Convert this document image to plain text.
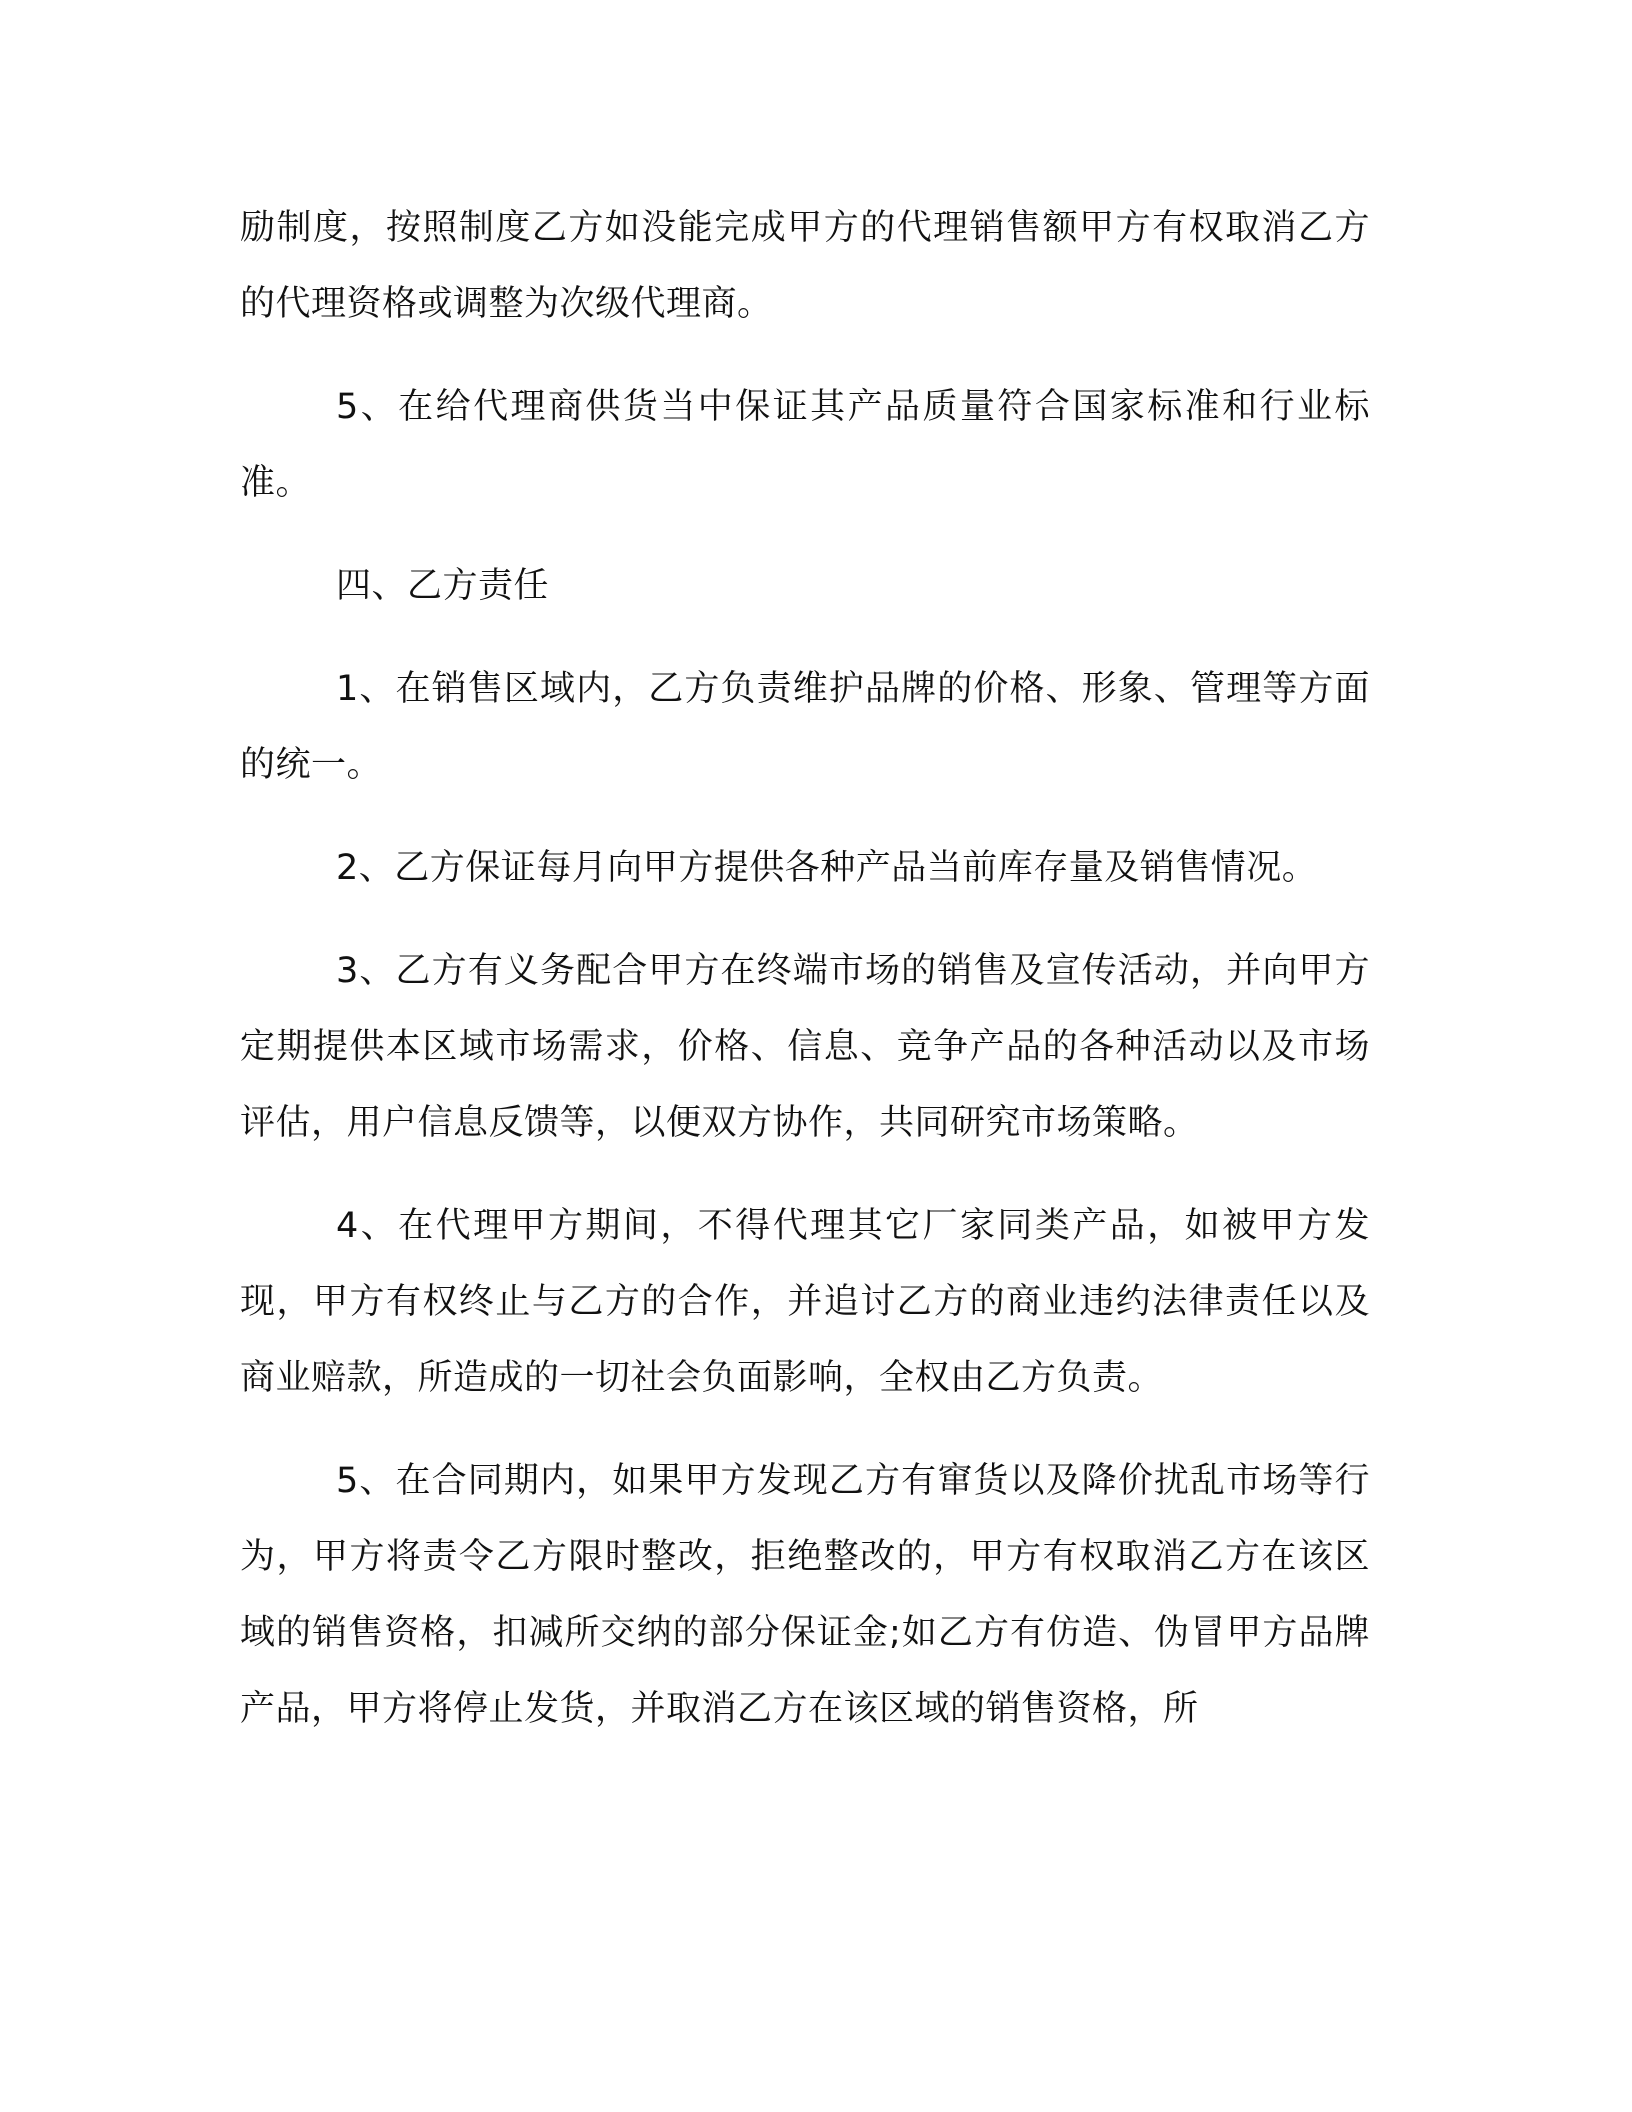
励制度，按照制度乙方如没能完成甲方的代理销售额甲方有权取消乙方的代理资格或调整为次级代理商。

5、在给代理商供货当中保证其产品质量符合国家标准和行业标准。

四、乙方责任

1、在销售区域内，乙方负责维护品牌的价格、形象、管理等方面的统一。

2、乙方保证每月向甲方提供各种产品当前库存量及销售情况。

3、乙方有义务配合甲方在终端市场的销售及宣传活动，并向甲方定期提供本区域市场需求，价格、信息、竞争产品的各种活动以及市场评估，用户信息反馈等，以便双方协作，共同研究市场策略。

4、在代理甲方期间，不得代理其它厂家同类产品，如被甲方发现，甲方有权终止与乙方的合作，并追讨乙方的商业违约法律责任以及商业赔款，所造成的一切社会负面影响，全权由乙方负责。

5、在合同期内，如果甲方发现乙方有窜货以及降价扰乱市场等行为，甲方将责令乙方限时整改，拒绝整改的，甲方有权取消乙方在该区域的销售资格，扣减所交纳的部分保证金;如乙方有仿造、伪冒甲方品牌产品，甲方将停止发货，并取消乙方在该区域的销售资格，所
